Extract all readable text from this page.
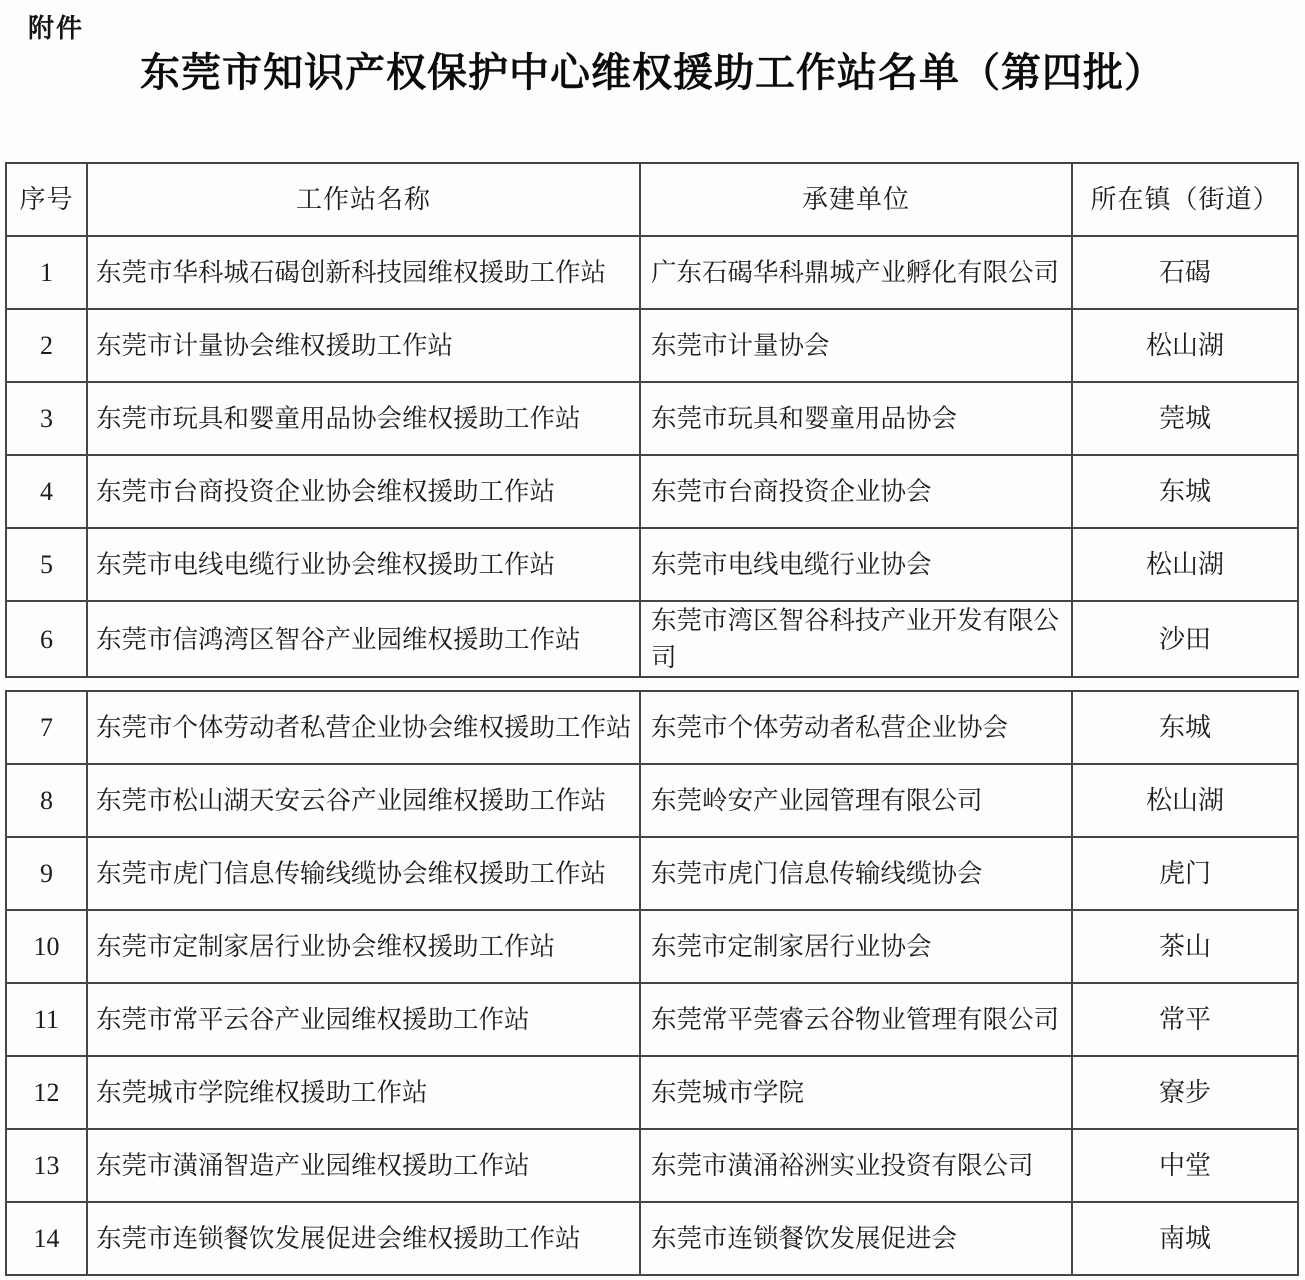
附件
东莞市知识产权保护中心维权援助工作站名单（第四批）
序号	工作站名称	承建单位	所在镇（街道）
1	东莞市华科城石碣创新科技园维权援助工作站	广东石碣华科鼎城产业孵化有限公司	石碣
2	东莞市计量协会维权援助工作站	东莞市计量协会	松山湖
3	东莞市玩具和婴童用品协会维权援助工作站	东莞市玩具和婴童用品协会	莞城
4	东莞市台商投资企业协会维权援助工作站	东莞市台商投资企业协会	东城
5	东莞市电线电缆行业协会维权援助工作站	东莞市电线电缆行业协会	松山湖
6	东莞市信鸿湾区智谷产业园维权援助工作站	东莞市湾区智谷科技产业开发有限公司	沙田
7	东莞市个体劳动者私营企业协会维权援助工作站	东莞市个体劳动者私营企业协会	东城
8	东莞市松山湖天安云谷产业园维权援助工作站	东莞岭安产业园管理有限公司	松山湖
9	东莞市虎门信息传输线缆协会维权援助工作站	东莞市虎门信息传输线缆协会	虎门
10	东莞市定制家居行业协会维权援助工作站	东莞市定制家居行业协会	茶山
11	东莞市常平云谷产业园维权援助工作站	东莞常平莞睿云谷物业管理有限公司	常平
12	东莞城市学院维权援助工作站	东莞城市学院	寮步
13	东莞市潢涌智造产业园维权援助工作站	东莞市潢涌裕洲实业投资有限公司	中堂
14	东莞市连锁餐饮发展促进会维权援助工作站	东莞市连锁餐饮发展促进会	南城
